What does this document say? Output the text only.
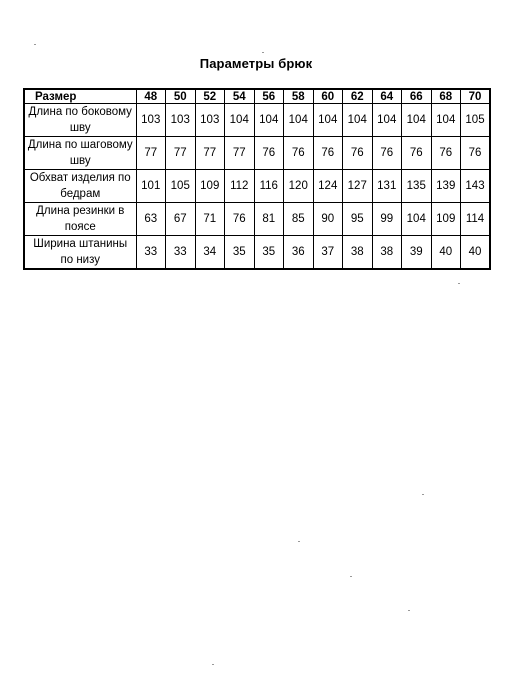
Параметры брюк
Размер	48	50	52	54	56	58	60	62	64	66	68	70
Длина по боковому шву	103	103	103	104	104	104	104	104	104	104	104	105
Длина по шаговому шву	77	77	77	77	76	76	76	76	76	76	76	76
Обхват изделия по бедрам	101	105	109	112	116	120	124	127	131	135	139	143
Длина резинки в поясе	63	67	71	76	81	85	90	95	99	104	109	114
Ширина штанины по низу	33	33	34	35	35	36	37	38	38	39	40	40
